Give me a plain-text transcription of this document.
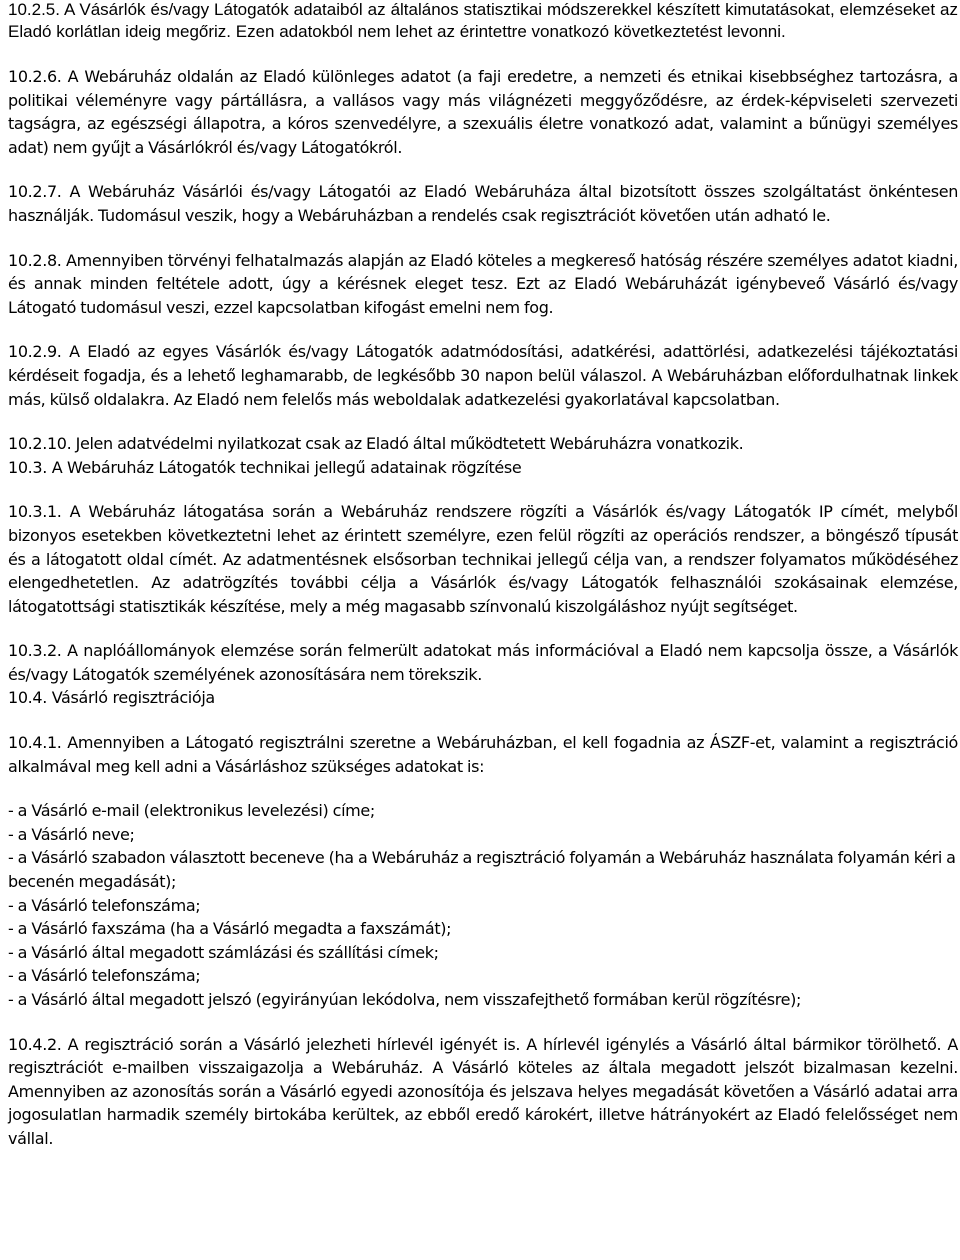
10.2.5. A Vásárlók és/vagy Látogatók adataiból az általános statisztikai módszerekkel készített kimutatásokat, elemzéseket az Eladó korlátlan ideig megőriz. Ezen adatokból nem lehet az érintettre vonatkozó következtetést levonni.

10.2.6. A Webáruház oldalán az Eladó különleges adatot (a faji eredetre, a nemzeti és etnikai kisebbséghez tartozásra, a politikai véleményre vagy pártállásra, a vallásos vagy más világnézeti meggyőződésre, az érdek-képviseleti szervezeti tagságra, az egészségi állapotra, a kóros szenvedélyre, a szexuális életre vonatkozó adat, valamint a bűnügyi személyes adat) nem gyűjt a Vásárlókról és/vagy Látogatókról.

10.2.7. A Webáruház Vásárlói és/vagy Látogatói az Eladó Webáruháza által bizotsított összes szolgáltatást önkéntesen használják. Tudomásul veszik, hogy a Webáruházban a rendelés csak regisztrációt követően után adható le.

10.2.8. Amennyiben törvényi felhatalmazás alapján az Eladó köteles a megkereső hatóság részére személyes adatot kiadni, és annak minden feltétele adott, úgy a kérésnek eleget tesz. Ezt az Eladó Webáruházát igénybeveő Vásárló és/vagy Látogató tudomásul veszi, ezzel kapcsolatban kifogást emelni nem fog.

10.2.9. A Eladó az egyes Vásárlók és/vagy Látogatók adatmódosítási, adatkérési, adattörlési, adatkezelési tájékoztatási kérdéseit fogadja, és a lehető leghamarabb, de legkésőbb 30 napon belül válaszol. A Webáruházban előfordulhatnak linkek más, külső oldalakra. Az Eladó nem felelős más weboldalak adatkezelési gyakorlatával kapcsolatban.

10.2.10. Jelen adatvédelmi nyilatkozat csak az Eladó által működtetett Webáruházra vonatkozik.

10.3. A Webáruház Látogatók technikai jellegű adatainak rögzítése

10.3.1. A Webáruház látogatása során a Webáruház rendszere rögzíti a Vásárlók és/vagy Látogatók IP címét, melyből bizonyos esetekben következtetni lehet az érintett személyre, ezen felül rögzíti az operációs rendszer, a böngésző típusát és a látogatott oldal címét. Az adatmentésnek elsősorban technikai jellegű célja van, a rendszer folyamatos működéséhez elengedhetetlen. Az adatrögzítés további célja a Vásárlók és/vagy Látogatók felhasználói szokásainak elemzése, látogatottsági statisztikák készítése, mely a még magasabb színvonalú kiszolgáláshoz nyújt segítséget.

10.3.2. A naplóállományok elemzése során felmerült adatokat más információval a Eladó nem kapcsolja össze, a Vásárlók és/vagy Látogatók személyének azonosítására nem törekszik.

10.4. Vásárló regisztrációja

10.4.1. Amennyiben a Látogató regisztrálni szeretne a Webáruházban, el kell fogadnia az ÁSZF-et, valamint a regisztráció alkalmával meg kell adni a Vásárláshoz szükséges adatokat is:

- a Vásárló e-mail (elektronikus levelezési) címe;

- a Vásárló neve;

- a Vásárló szabadon választott beceneve (ha a Webáruház a regisztráció folyamán a Webáruház használata folyamán kéri a becenén megadását);

- a Vásárló telefonszáma;

- a Vásárló faxszáma (ha a Vásárló megadta a faxszámát);

- a Vásárló által megadott számlázási és szállítási címek;

- a Vásárló telefonszáma;

- a Vásárló által megadott jelszó (egyirányúan lekódolva, nem visszafejthető formában kerül rögzítésre);

10.4.2. A regisztráció során a Vásárló jelezheti hírlevél igényét is. A hírlevél igénylés a Vásárló által bármikor törölhető. A regisztrációt e-mailben visszaigazolja a Webáruház. A Vásárló köteles az általa megadott jelszót bizalmasan kezelni. Amennyiben az azonosítás során a Vásárló egyedi azonosítója és jelszava helyes megadását követően a Vásárló adatai arra jogosulatlan harmadik személy birtokába kerültek, az ebből eredő károkért, illetve hátrányokért az Eladó felelősséget nem vállal.
